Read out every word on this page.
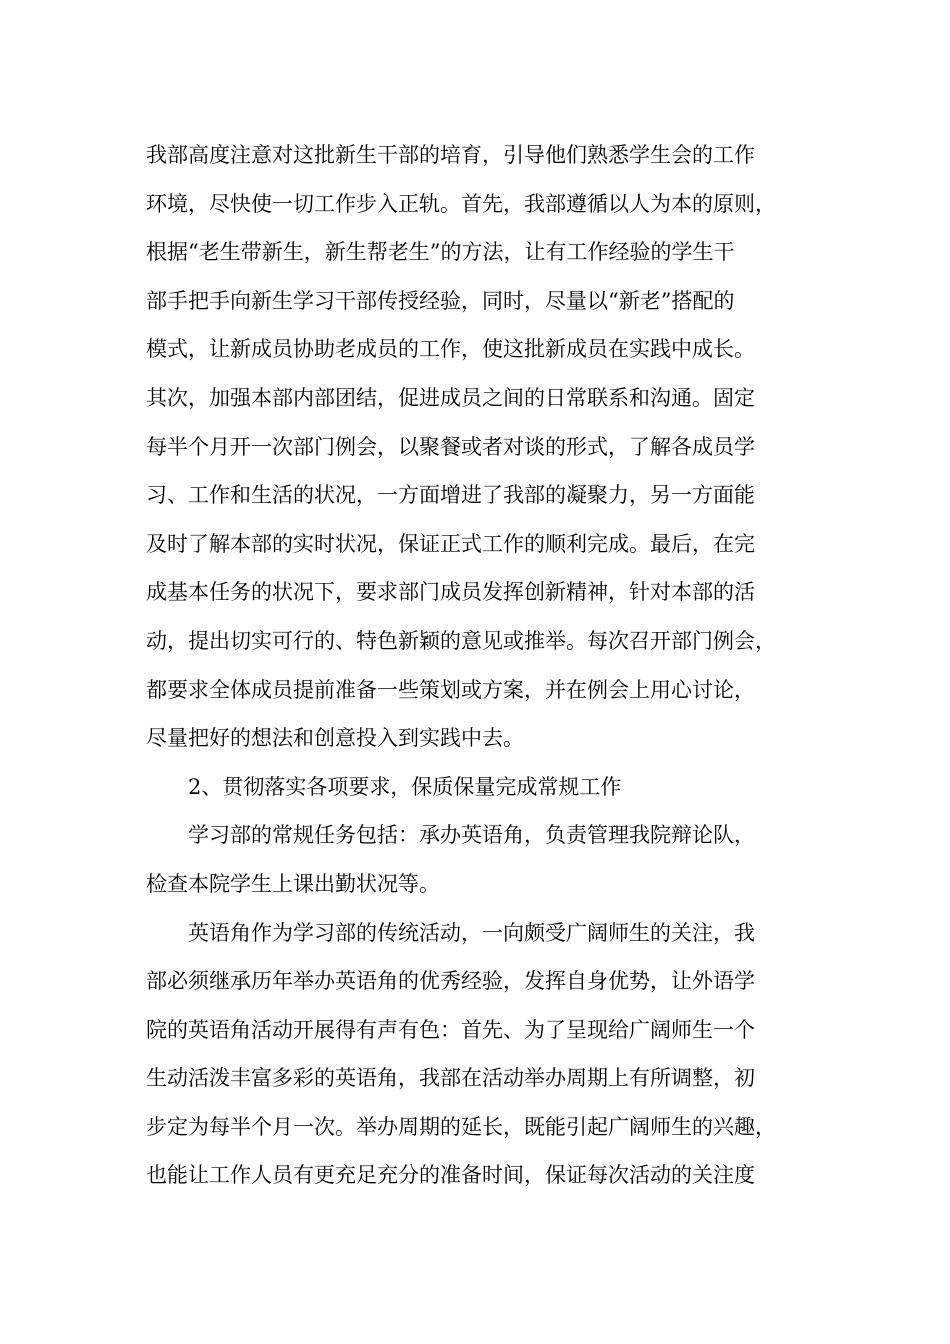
我部高度注意对这批新生干部的培育，引导他们熟悉学生会的工作
环境，尽快使一切工作步入正轨。首先，我部遵循以人为本的原则，
根据“老生带新生，新生帮老生”的方法，让有工作经验的学生干
部手把手向新生学习干部传授经验，同时，尽量以“新老”搭配的
模式，让新成员协助老成员的工作，使这批新成员在实践中成长。
其次，加强本部内部团结，促进成员之间的日常联系和沟通。固定
每半个月开一次部门例会，以聚餐或者对谈的形式，了解各成员学
习、工作和生活的状况，一方面增进了我部的凝聚力，另一方面能
及时了解本部的实时状况，保证正式工作的顺利完成。最后，在完
成基本任务的状况下，要求部门成员发挥创新精神，针对本部的活
动，提出切实可行的、特色新颖的意见或推举。每次召开部门例会，
都要求全体成员提前准备一些策划或方案，并在例会上用心讨论，
尽量把好的想法和创意投入到实践中去。
2、贯彻落实各项要求，保质保量完成常规工作
学习部的常规任务包括：承办英语角，负责管理我院辩论队，
检查本院学生上课出勤状况等。
英语角作为学习部的传统活动，一向颇受广阔师生的关注，我
部必须继承历年举办英语角的优秀经验，发挥自身优势，让外语学
院的英语角活动开展得有声有色：首先、为了呈现给广阔师生一个
生动活泼丰富多彩的英语角，我部在活动举办周期上有所调整，初
步定为每半个月一次。举办周期的延长，既能引起广阔师生的兴趣，
也能让工作人员有更充足充分的准备时间，保证每次活动的关注度
